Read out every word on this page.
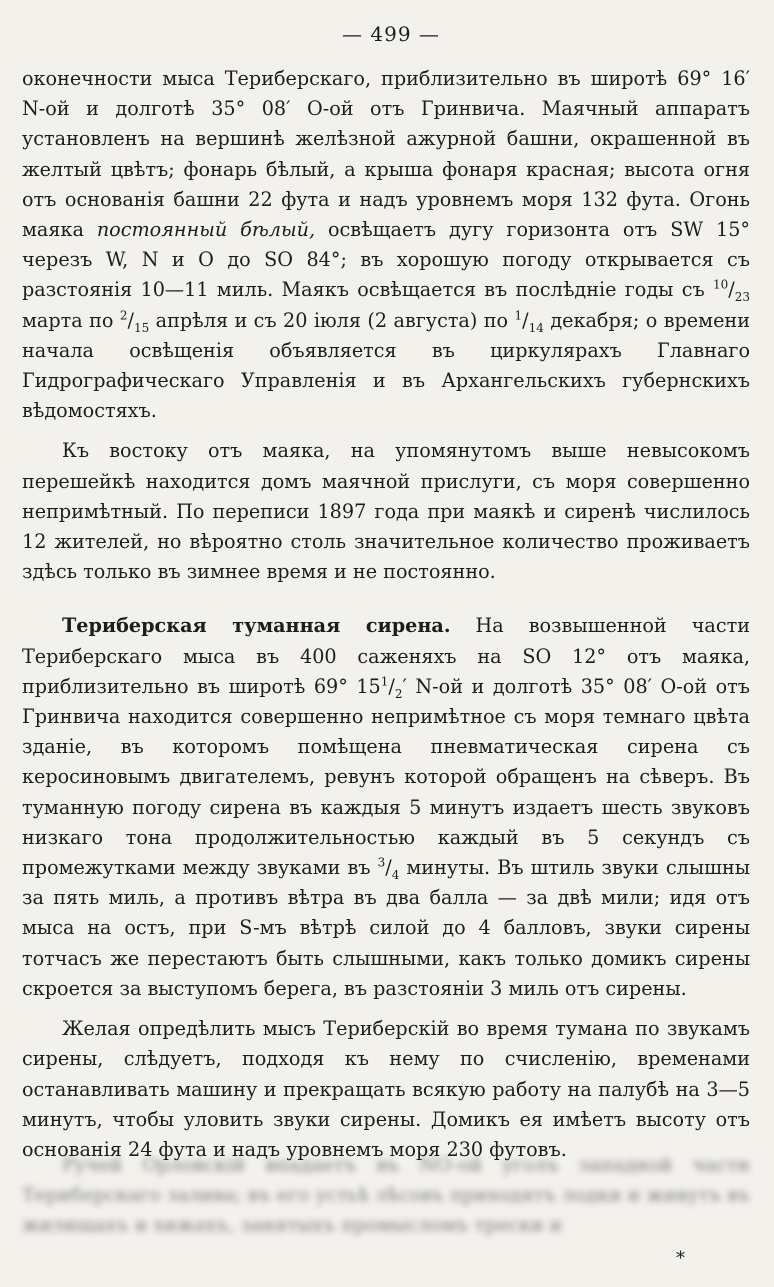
— 499 —

оконечности мыса Териберскаго, приблизительно въ широтѣ 69° 16′ N-ой и долготѣ 35° 08′ О-ой отъ Гринвича. Маячный аппаратъ установленъ на вершинѣ желѣзной ажурной башни, окрашенной въ желтый цвѣтъ; фонарь бѣлый, а крыша фонаря красная; высота огня отъ основанія башни 22 фута и надъ уровнемъ моря 132 фута. Огонь маяка постоянный бѣлый, освѣщаетъ дугу горизонта отъ SW 15° черезъ W, N и O до SO 84°; въ хорошую погоду открывается съ разстоянія 10—11 миль. Маякъ освѣщается въ послѣдніе годы съ $^{10}/_{23}$ марта по $^2/_{15}$ апрѣля и съ 20 іюля (2 августа) по $^1/_{14}$ декабря; о времени начала освѣщенія объявляется въ циркулярахъ Главнаго Гидрографическаго Управленія и въ Архангельскихъ губернскихъ вѣдомостяхъ.

Къ востоку отъ маяка, на упомянутомъ выше невысокомъ перешейкѣ находится домъ маячной прислуги, съ моря совершенно непримѣтный. По переписи 1897 года при маякѣ и сиренѣ числилось 12 жителей, но вѣроятно столь значительное количество проживаетъ здѣсь только въ зимнее время и не постоянно.

Териберская туманная сирена. На возвышенной части Териберскаго мыса въ 400 саженяхъ на SO 12° отъ маяка, приблизительно въ широтѣ 69° $15^1/_2'$ N-ой и долготѣ 35° 08′ О-ой отъ Гринвича находится совершенно непримѣтное съ моря темнаго цвѣта зданіе, въ которомъ помѣщена пневматическая сирена съ керосиновымъ двигателемъ, ревунъ которой обращенъ на сѣверъ. Въ туманную погоду сирена въ каждыя 5 минутъ издаетъ шесть звуковъ низкаго тона продолжительностью каждый въ 5 секундъ съ промежутками между звуками въ $^3/_4$ минуты. Въ штиль звуки слышны за пять миль, а противъ вѣтра въ два балла — за двѣ мили; идя отъ мыса на остъ, при S-мъ вѣтрѣ силой до 4 балловъ, звуки сирены тотчасъ же перестаютъ быть слышными, какъ только домикъ сирены скроется за выступомъ берега, въ разстояніи 3 миль отъ сирены.

Желая опредѣлить мысъ Териберскій во время тумана по звукамъ сирены, слѣдуетъ, подходя къ нему по счисленію, временами останавливать машину и прекращать всякую работу на палубѣ на 3—5 минутъ, чтобы уловить звуки сирены. Домикъ ея имѣетъ высоту отъ основанія 24 фута и надъ уровнемъ моря 230 футовъ.

Ручей Орловскій впадаетъ въ NO-ой уголъ западной части Териберскаго залива; въ его устьѣ лѣсовъ приходятъ лодки и живутъ въ жилищахъ и хижахъ, занятыхъ промысломъ трески и
*
